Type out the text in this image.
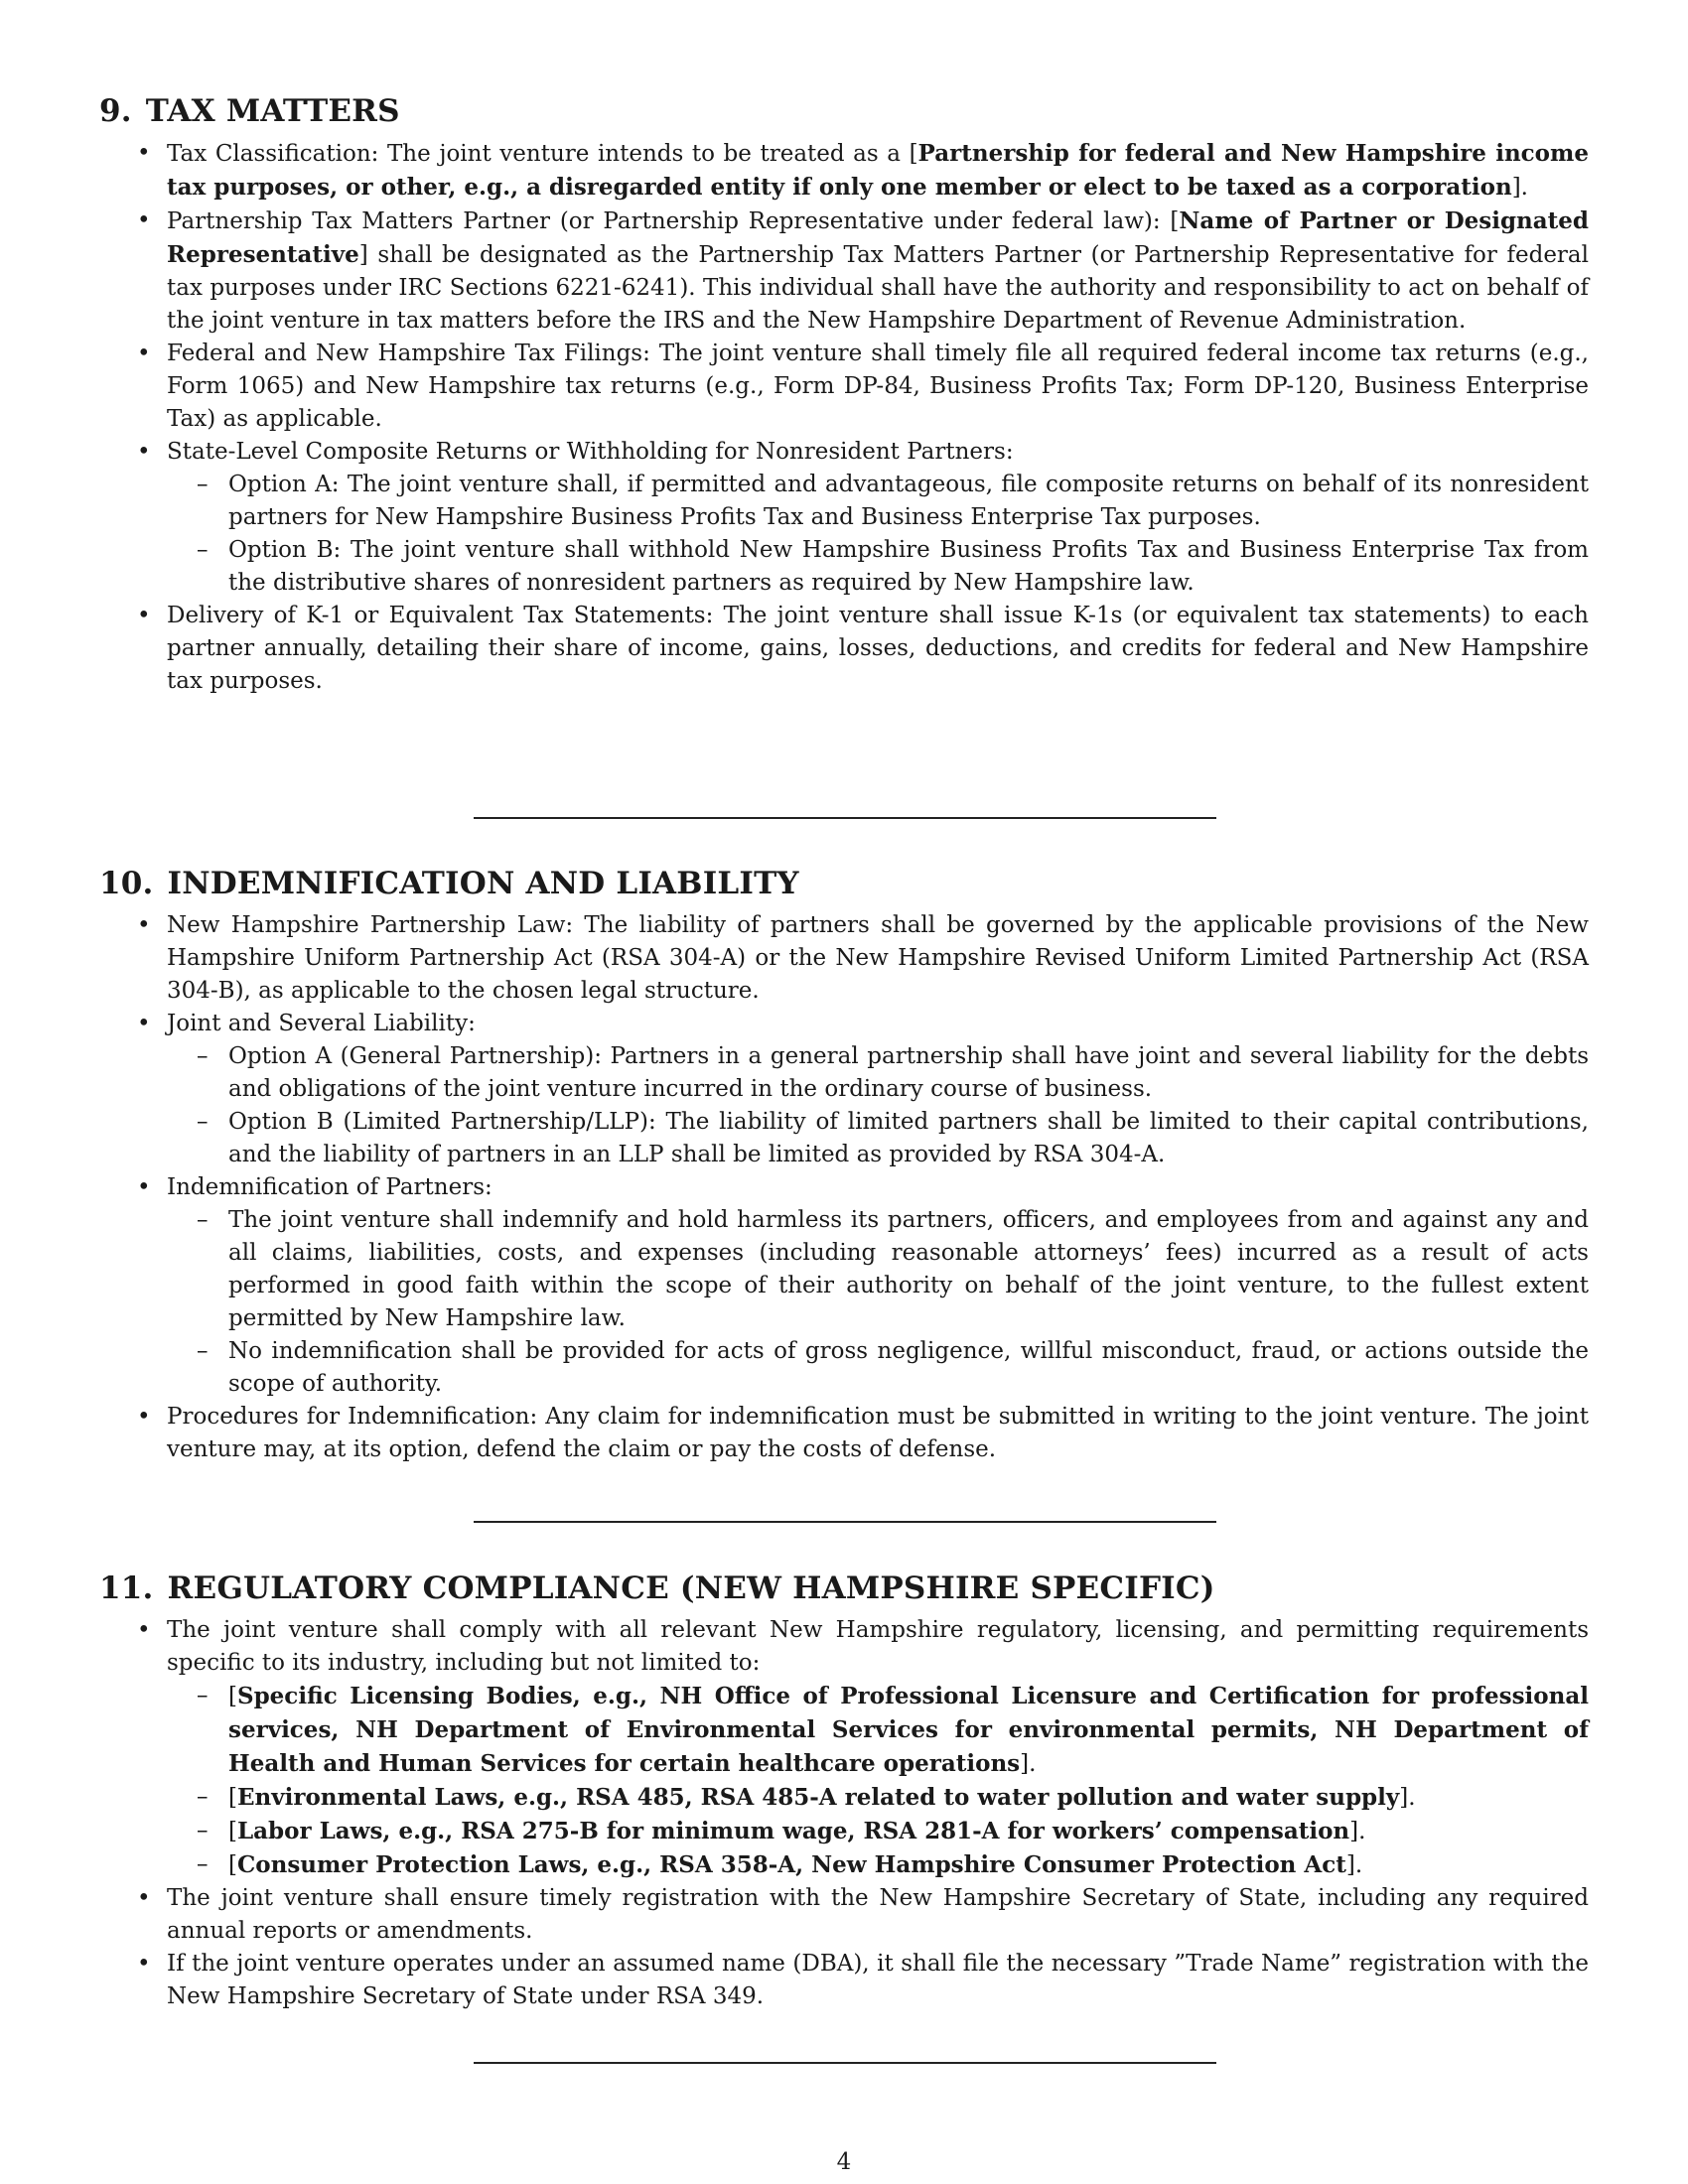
9. TAX MATTERS
• Tax Classification: The joint venture intends to be treated as a [Partnership for federal and New Hampshire income tax purposes, or other, e.g., a disregarded entity if only one member or elect to be taxed as a corporation].
• Partnership Tax Matters Partner (or Partnership Representative under federal law): [Name of Partner or Designated Representative] shall be designated as the Partnership Tax Matters Partner (or Partnership Representative for federal tax purposes under IRC Sections 6221-6241). This individual shall have the authority and responsibility to act on behalf of the joint venture in tax matters before the IRS and the New Hampshire Department of Revenue Administration.
• Federal and New Hampshire Tax Filings: The joint venture shall timely file all required federal income tax returns (e.g., Form 1065) and New Hampshire tax returns (e.g., Form DP-84, Business Profits Tax; Form DP-120, Business Enterprise Tax) as applicable.
• State-Level Composite Returns or Withholding for Nonresident Partners:
– Option A: The joint venture shall, if permitted and advantageous, file composite returns on behalf of its nonresident partners for New Hampshire Business Profits Tax and Business Enterprise Tax purposes.
– Option B: The joint venture shall withhold New Hampshire Business Profits Tax and Business Enterprise Tax from the distributive shares of nonresident partners as required by New Hampshire law.
• Delivery of K-1 or Equivalent Tax Statements: The joint venture shall issue K-1s (or equivalent tax statements) to each partner annually, detailing their share of income, gains, losses, deductions, and credits for federal and New Hampshire tax purposes.
10. INDEMNIFICATION AND LIABILITY
• New Hampshire Partnership Law: The liability of partners shall be governed by the applicable provisions of the New Hampshire Uniform Partnership Act (RSA 304-A) or the New Hampshire Revised Uniform Limited Partnership Act (RSA 304-B), as applicable to the chosen legal structure.
• Joint and Several Liability:
– Option A (General Partnership): Partners in a general partnership shall have joint and several liability for the debts and obligations of the joint venture incurred in the ordinary course of business.
– Option B (Limited Partnership/LLP): The liability of limited partners shall be limited to their capital contributions, and the liability of partners in an LLP shall be limited as provided by RSA 304-A.
• Indemnification of Partners:
– The joint venture shall indemnify and hold harmless its partners, officers, and employees from and against any and all claims, liabilities, costs, and expenses (including reasonable attorneys’ fees) incurred as a result of acts performed in good faith within the scope of their authority on behalf of the joint venture, to the fullest extent permitted by New Hampshire law.
– No indemnification shall be provided for acts of gross negligence, willful misconduct, fraud, or actions outside the scope of authority.
• Procedures for Indemnification: Any claim for indemnification must be submitted in writing to the joint venture. The joint venture may, at its option, defend the claim or pay the costs of defense.
11. REGULATORY COMPLIANCE (NEW HAMPSHIRE SPECIFIC)
• The joint venture shall comply with all relevant New Hampshire regulatory, licensing, and permitting requirements specific to its industry, including but not limited to:
– [Specific Licensing Bodies, e.g., NH Office of Professional Licensure and Certification for professional services, NH Department of Environmental Services for environmental permits, NH Department of Health and Human Services for certain healthcare operations].
– [Environmental Laws, e.g., RSA 485, RSA 485-A related to water pollution and water supply].
– [Labor Laws, e.g., RSA 275-B for minimum wage, RSA 281-A for workers’ compensation].
– [Consumer Protection Laws, e.g., RSA 358-A, New Hampshire Consumer Protection Act].
• The joint venture shall ensure timely registration with the New Hampshire Secretary of State, including any required annual reports or amendments.
• If the joint venture operates under an assumed name (DBA), it shall file the necessary ”Trade Name” registration with the New Hampshire Secretary of State under RSA 349.
4
